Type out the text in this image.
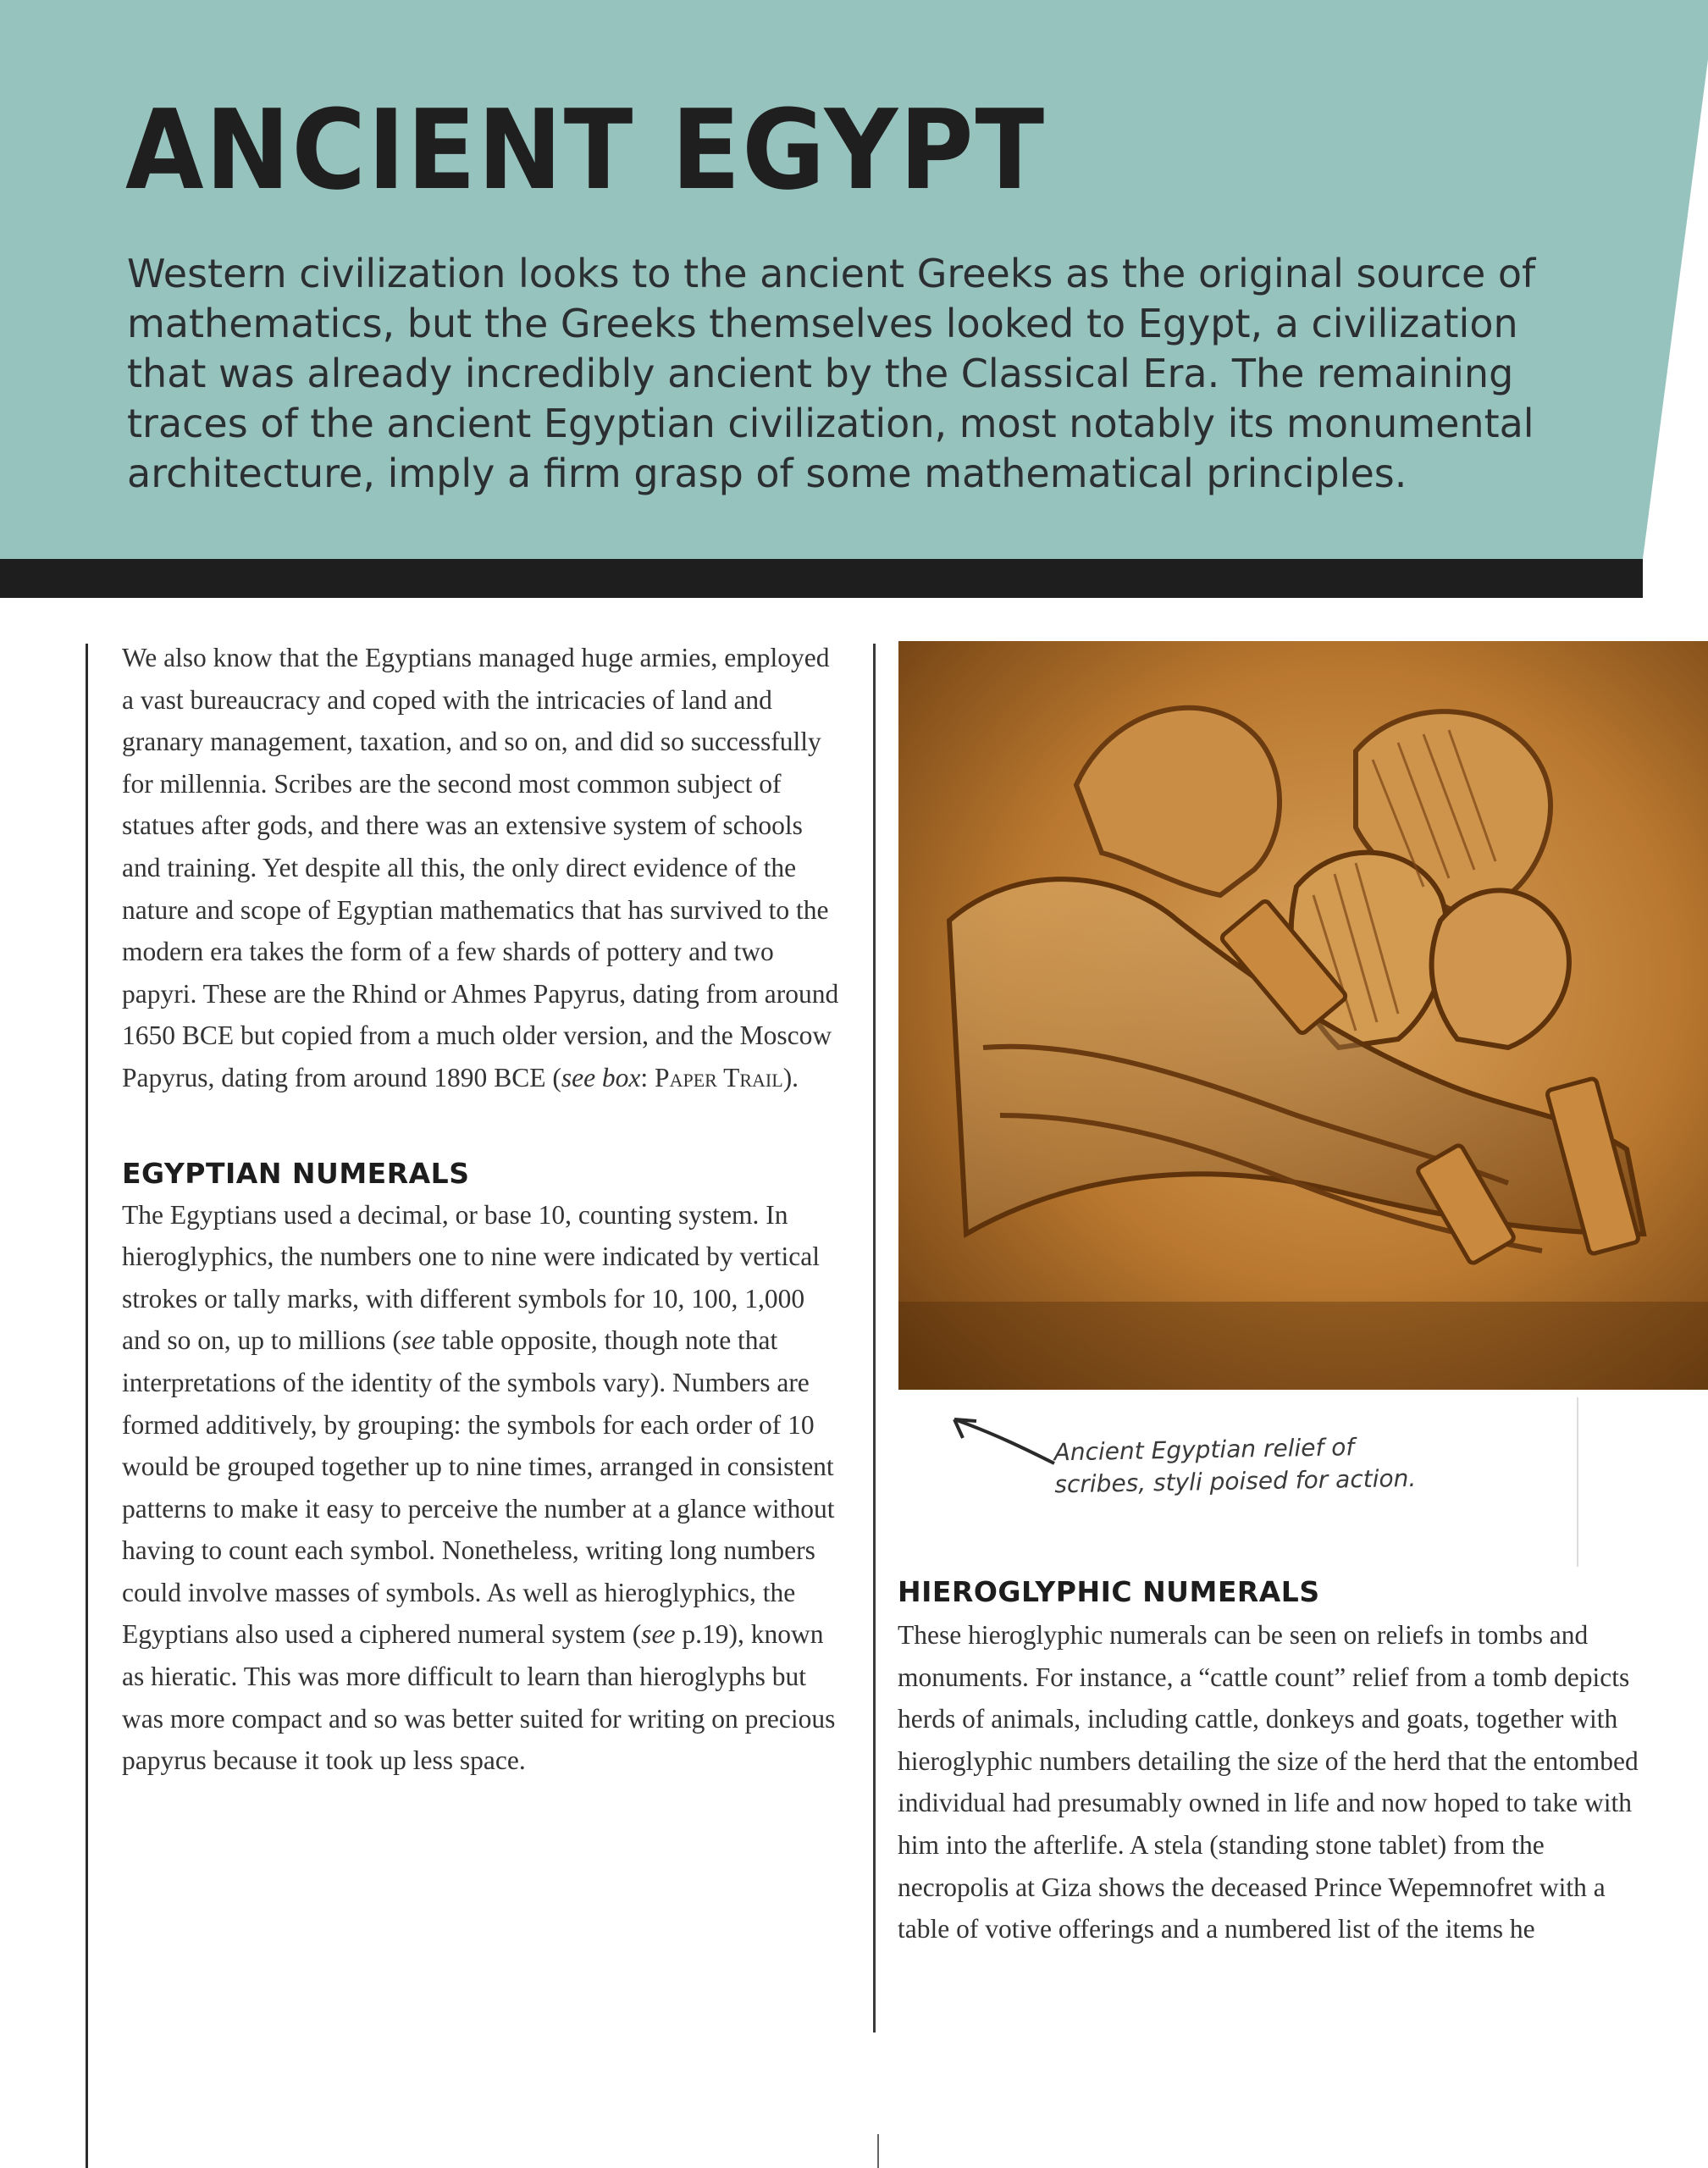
ANCIENT EGYPT

Western civilization looks to the ancient Greeks as the original source of mathematics, but the Greeks themselves looked to Egypt, a civilization that was already incredibly ancient by the Classical Era. The remaining traces of the ancient Egyptian civilization, most notably its monumental architecture, imply a firm grasp of some mathematical principles.

We also know that the Egyptians managed huge armies, employed a vast bureaucracy and coped with the intricacies of land and granary management, taxation, and so on, and did so successfully for millennia. Scribes are the second most common subject of statues after gods, and there was an extensive system of schools and training. Yet despite all this, the only direct evidence of the nature and scope of Egyptian mathematics that has survived to the modern era takes the form of a few shards of pottery and two papyri. These are the Rhind or Ahmes Papyrus, dating from around 1650 BCE but copied from a much older version, and the Moscow Papyrus, dating from around 1890 BCE (see box: Paper Trail).

EGYPTIAN NUMERALS

The Egyptians used a decimal, or base 10, counting system. In hieroglyphics, the numbers one to nine were indicated by vertical strokes or tally marks, with different symbols for 10, 100, 1,000 and so on, up to millions (see table opposite, though note that interpretations of the identity of the symbols vary). Numbers are formed additively, by grouping: the symbols for each order of 10 would be grouped together up to nine times, arranged in consistent patterns to make it easy to perceive the number at a glance without having to count each symbol. Nonetheless, writing long numbers could involve masses of symbols. As well as hieroglyphics, the Egyptians also used a ciphered numeral system (see p.19), known as hieratic. This was more difficult to learn than hieroglyphs but was more compact and so was better suited for writing on precious papyrus because it took up less space.

Ancient Egyptian relief of
scribes, styli poised for action.
HIEROGLYPHIC NUMERALS

These hieroglyphic numerals can be seen on reliefs in tombs and monuments. For instance, a “cattle count” relief from a tomb depicts herds of animals, including cattle, donkeys and goats, together with hieroglyphic numbers detailing the size of the herd that the entombed individual had presumably owned in life and now hoped to take with him into the afterlife. A stela (standing stone tablet) from the necropolis at Giza shows the deceased Prince Wepemnofret with a table of votive offerings and a numbered list of the items he
